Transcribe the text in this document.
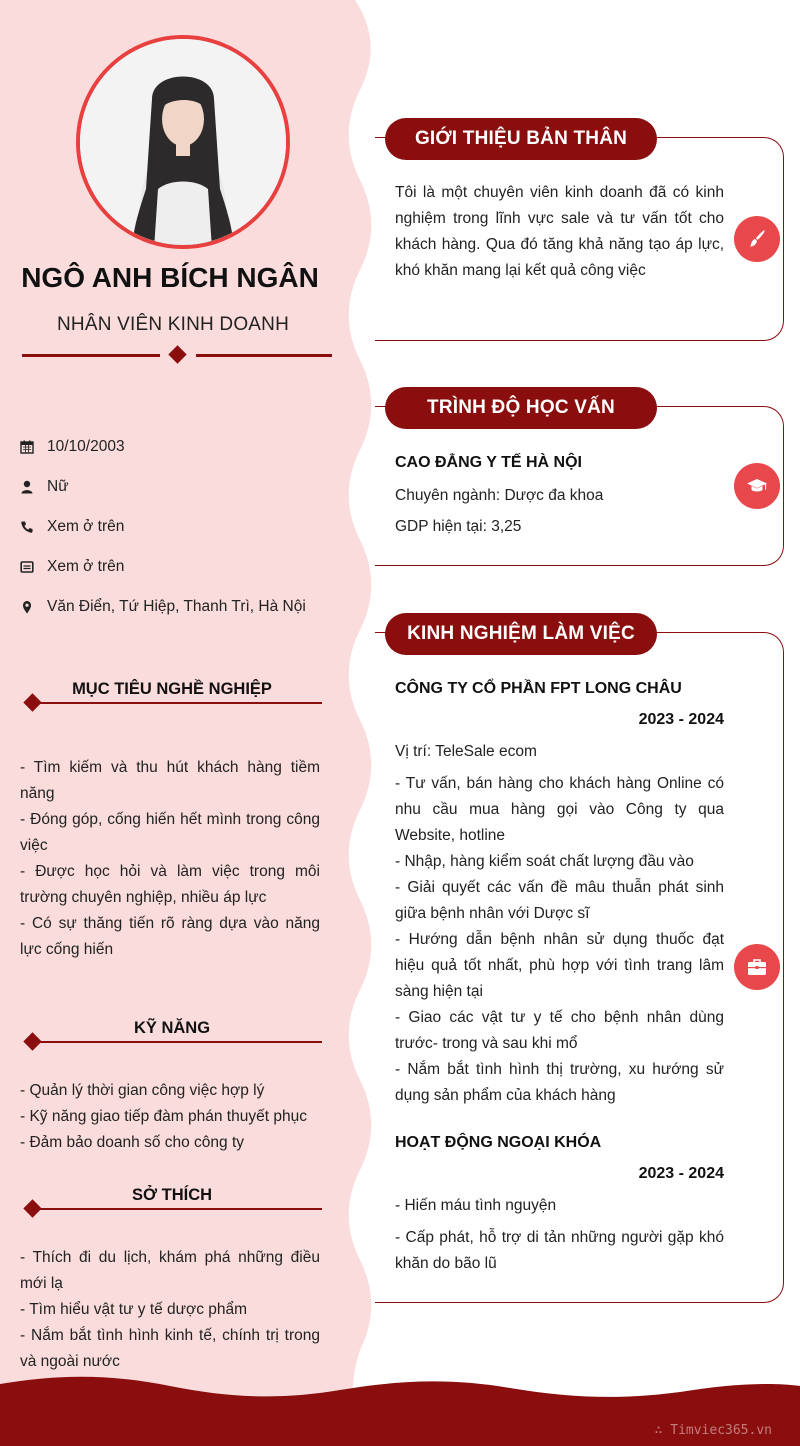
NGÔ ANH BÍCH NGÂN
NHÂN VIÊN KINH DOANH
10/10/2003
Nữ
Xem ở trên
Xem ở trên
Văn Điển, Tứ Hiệp, Thanh Trì, Hà Nội
MỤC TIÊU NGHỀ NGHIỆP

- Tìm kiếm và thu hút khách hàng tiềm năng

- Đóng góp, cống hiến hết mình trong công việc

- Được học hỏi và làm việc trong môi trường chuyên nghiệp, nhiều áp lực

- Có sự thăng tiến rõ ràng dựa vào năng lực cống hiến

KỸ NĂNG

- Quản lý thời gian công việc hợp lý

- Kỹ năng giao tiếp đàm phán thuyết phục

- Đảm bảo doanh số cho công ty

SỞ THÍCH

- Thích đi du lịch, khám phá những điều mới lạ

- Tìm hiểu vật tư y tế dược phẩm

- Nắm bắt tình hình kinh tế, chính trị trong và ngoài nước

GIỚI THIỆU BẢN THÂN
Tôi là một chuyên viên kinh doanh đã có kinh nghiệm trong lĩnh vực sale và tư vấn tốt cho khách hàng. Qua đó tăng khả năng tạo áp lực, khó khăn mang lại kết quả công việc
TRÌNH ĐỘ HỌC VẤN
CAO ĐẲNG Y TẾ HÀ NỘI
Chuyên ngành: Dược đa khoa
GDP hiện tại: 3,25
KINH NGHIỆM LÀM VIỆC
CÔNG TY CỔ PHẦN FPT LONG CHÂU
2023 - 2024
Vị trí: TeleSale ecom

- Tư vấn, bán hàng cho khách hàng Online có nhu cầu mua hàng gọi vào Công ty qua Website, hotline

- Nhập, hàng kiểm soát chất lượng đầu vào

- Giải quyết các vấn đề mâu thuẫn phát sinh giữa bệnh nhân với Dược sĩ

- Hướng dẫn bệnh nhân sử dụng thuốc đạt hiệu quả tốt nhất, phù hợp với tình trang lâm sàng hiện tại

- Giao các vật tư y tế cho bệnh nhân dùng trước- trong và sau khi mổ

- Nắm bắt tình hình thị trường, xu hướng sử dụng sản phẩm của khách hàng

HOẠT ĐỘNG NGOẠI KHÓA
2023 - 2024
- Hiến máu tình nguyện

- Cấp phát, hỗ trợ di tản những người gặp khó khăn do bão lũ

∴ Timviec365.vn
